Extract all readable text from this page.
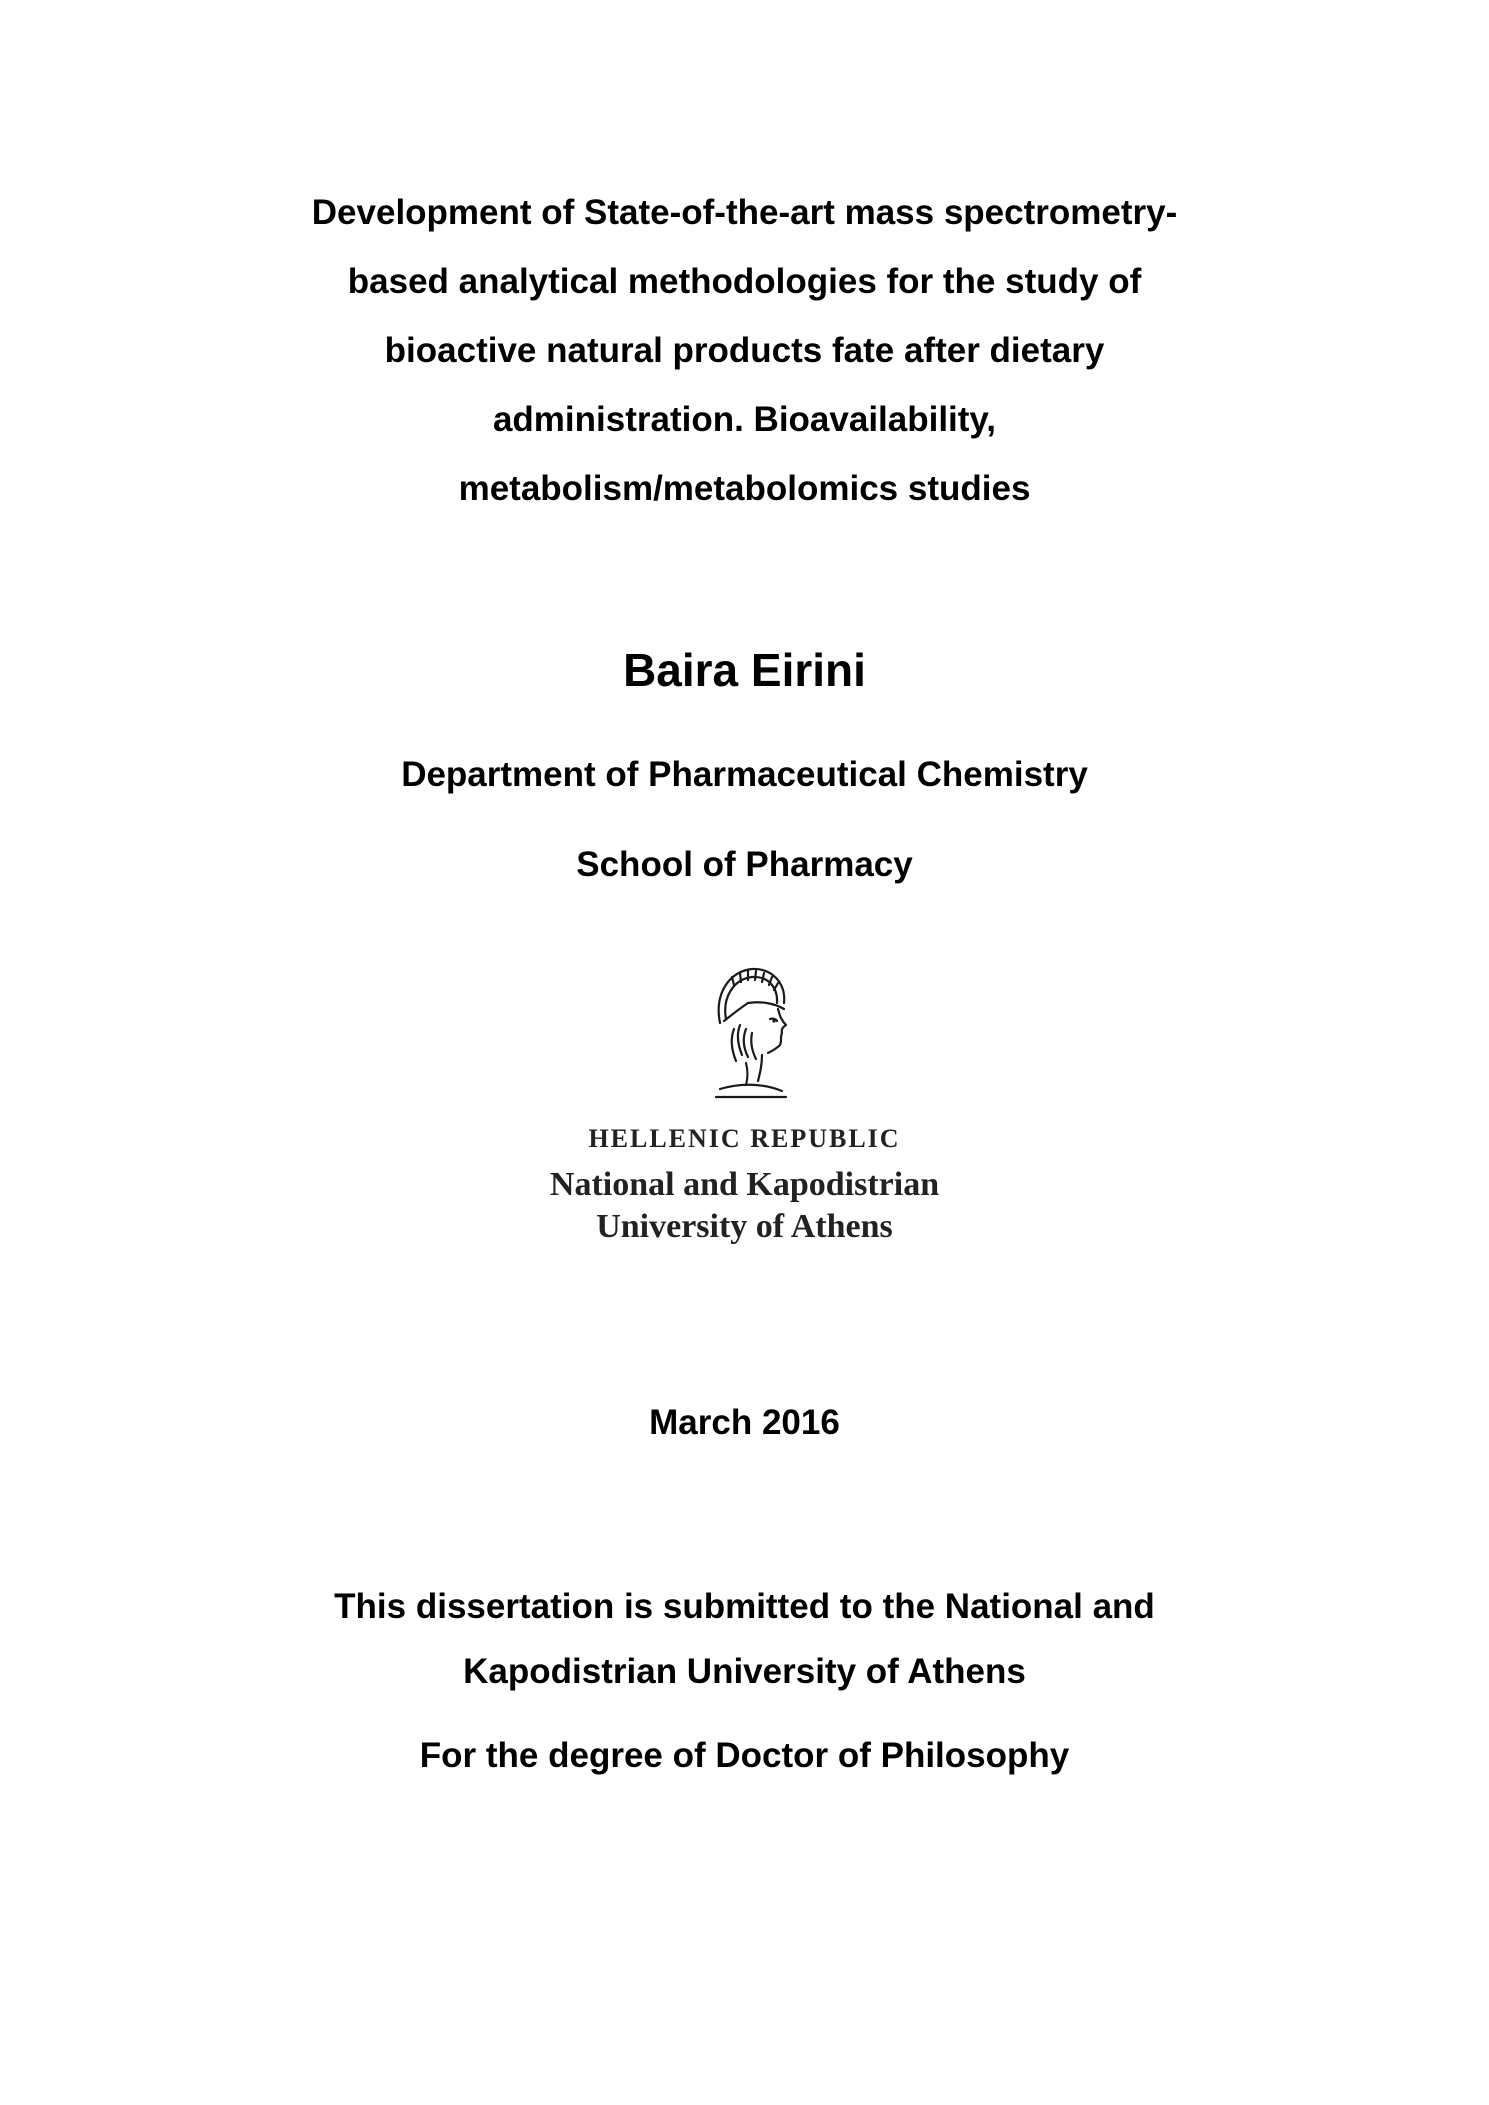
Development of State-of-the-art mass spectrometry-
based analytical methodologies for the study of
bioactive natural products fate after dietary
administration. Bioavailability,
metabolism/metabolomics studies
Baira Eirini
Department of Pharmaceutical Chemistry
School of Pharmacy
HELLENIC REPUBLIC
National and Kapodistrian
University of Athens
March 2016
This dissertation is submitted to the National and
Kapodistrian University of Athens
For the degree of Doctor of Philosophy
